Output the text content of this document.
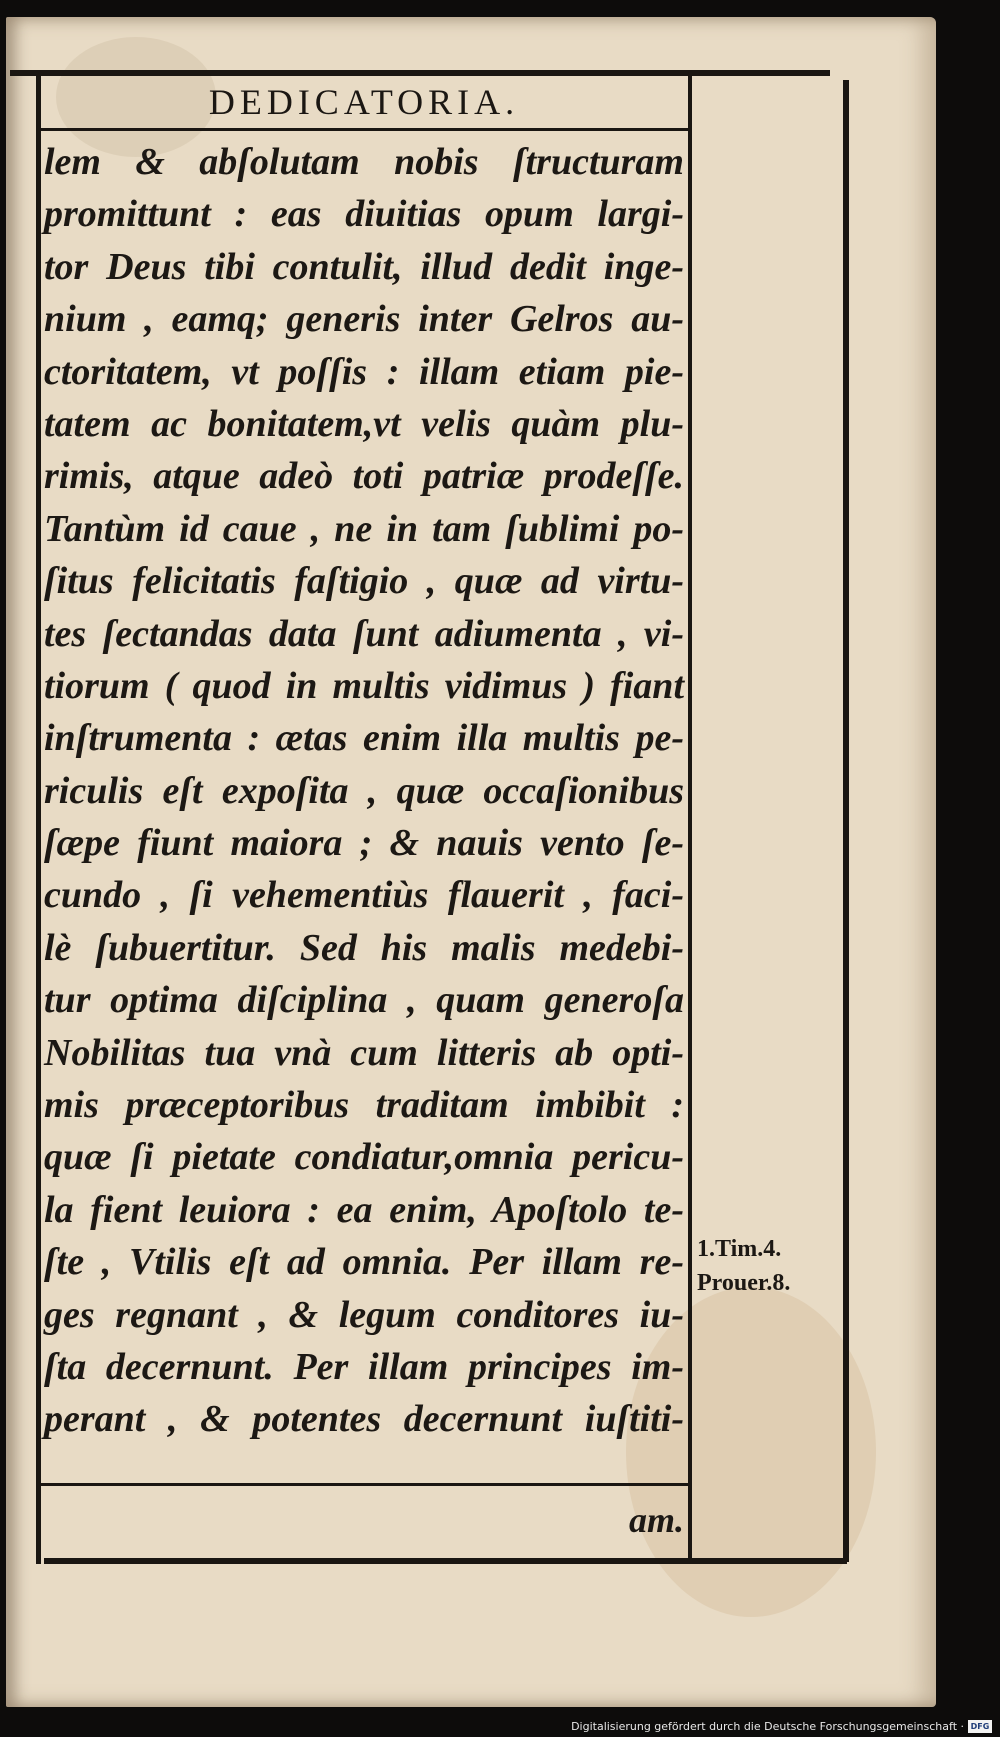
DEDICATORIA.
lem & abſolutam nobis ſtructuram
promittunt : eas diuitias opum largi-
tor Deus tibi contulit, illud dedit inge-
nium , eamq; generis inter Gelros au-
ctoritatem, vt poſſis : illam etiam pie-
tatem ac bonitatem,vt velis quàm plu-
rimis, atque adeò toti patriæ prodeſſe.
Tantùm id caue , ne in tam ſublimi po-
ſitus felicitatis faſtigio , quæ ad virtu-
tes ſectandas data ſunt adiumenta , vi-
tiorum ( quod in multis vidimus ) fiant
inſtrumenta : ætas enim illa multis pe-
riculis eſt expoſita , quæ occaſionibus
ſæpe fiunt maiora ; & nauis vento ſe-
cundo , ſi vehementiùs flauerit , faci-
lè ſubuertitur. Sed his malis medebi-
tur optima diſciplina , quam generoſa
Nobilitas tua vnà cum litteris ab opti-
mis præceptoribus traditam imbibit :
quæ ſi pietate condiatur,omnia pericu-
la fient leuiora : ea enim, Apoſtolo te-
ſte , Vtilis eſt ad omnia. Per illam re-
ges regnant , & legum conditores iu-
ſta decernunt. Per illam principes im-
perant , & potentes decernunt iuſtiti-
am.
1.Tim.4.
Prouer.8.
Digitalisierung gefördert durch die Deutsche Forschungsgemeinschaft · DFG
